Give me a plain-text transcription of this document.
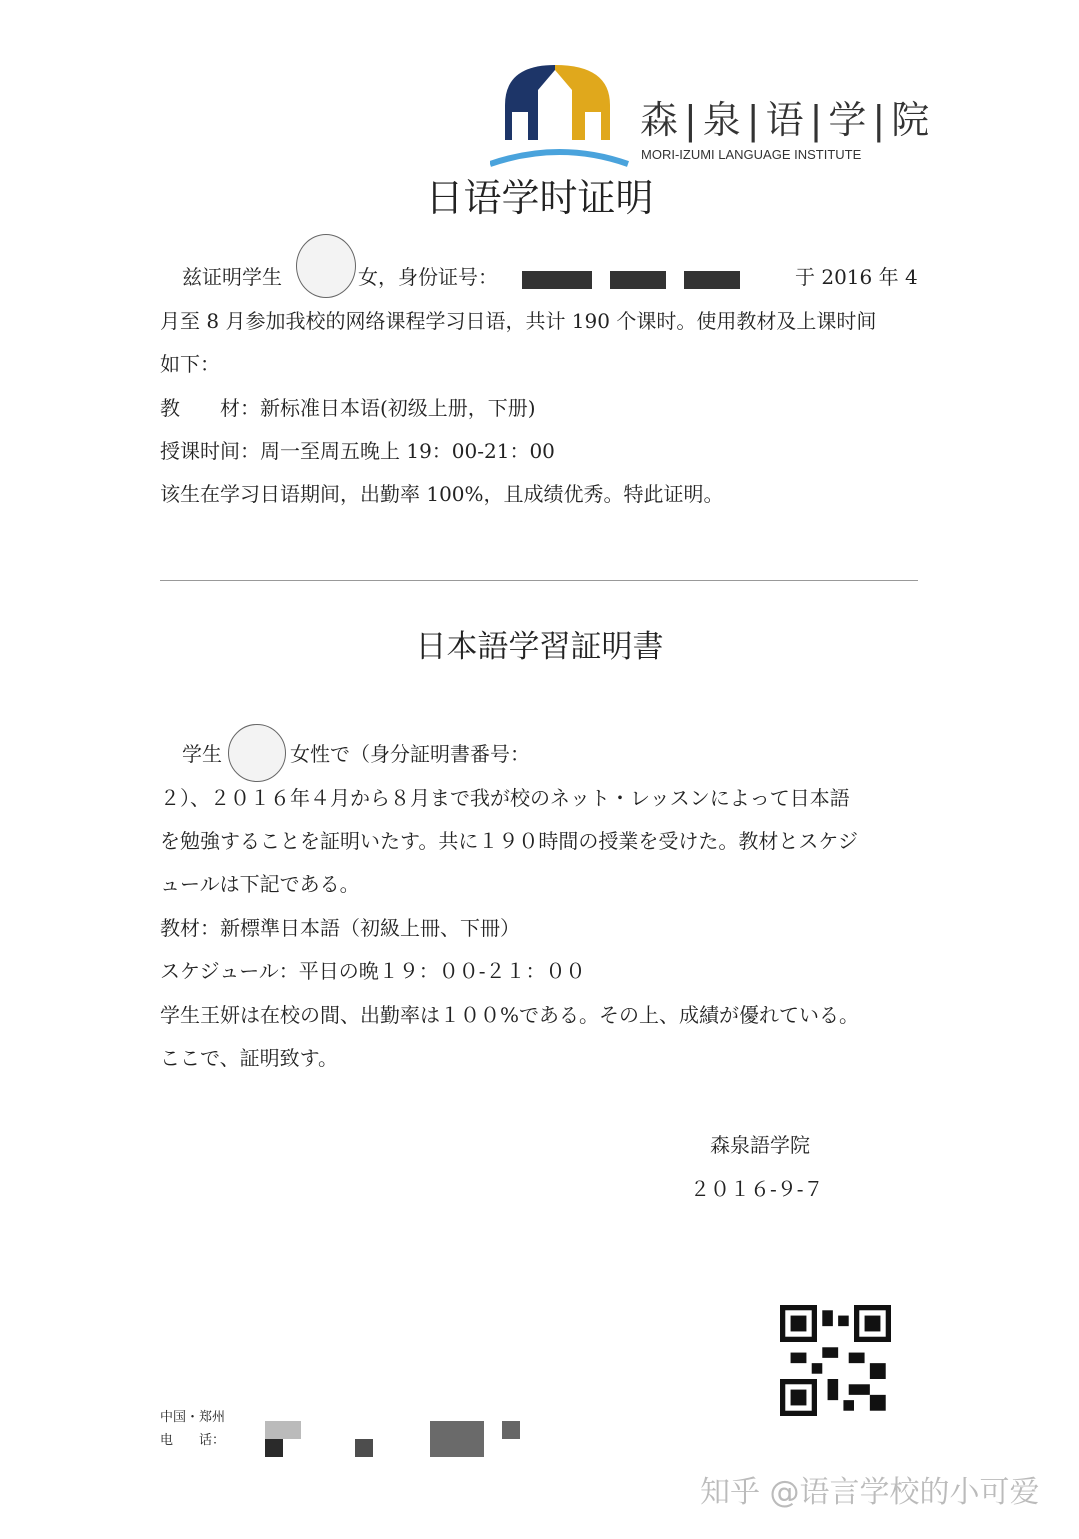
森|泉|语|学|院
MORI-IZUMI LANGUAGE INSTITUTE
日语学时证明
兹证明学生	女，身份证号：	于 2016 年 4
月至 8 月参加我校的网络课程学习日语，共计 190 个课时。使用教材及上课时间
如下：
教　　材：新标准日本语(初级上册，下册)
授课时间：周一至周五晚上 19：00-21：00
该生在学习日语期间，出勤率 100%，且成绩优秀。特此证明。
日本語学習証明書
学生	女性で（身分証明書番号：
２）、２０１６年４月から８月まで我が校のネット・レッスンによって日本語
を勉強することを証明いたす。共に１９０時間の授業を受けた。教材とスケジ
ュールは下記である。
教材：新標準日本語（初級上冊、下冊）
スケジュール：平日の晩１９：００-２１：００
学生王妍は在校の間、出勤率は１００%である。その上、成績が優れている。
ここで、証明致す。
森泉語学院
２０１６-９-７
中国・郑州
电　　话：
知乎 @语言学校的小可爱
